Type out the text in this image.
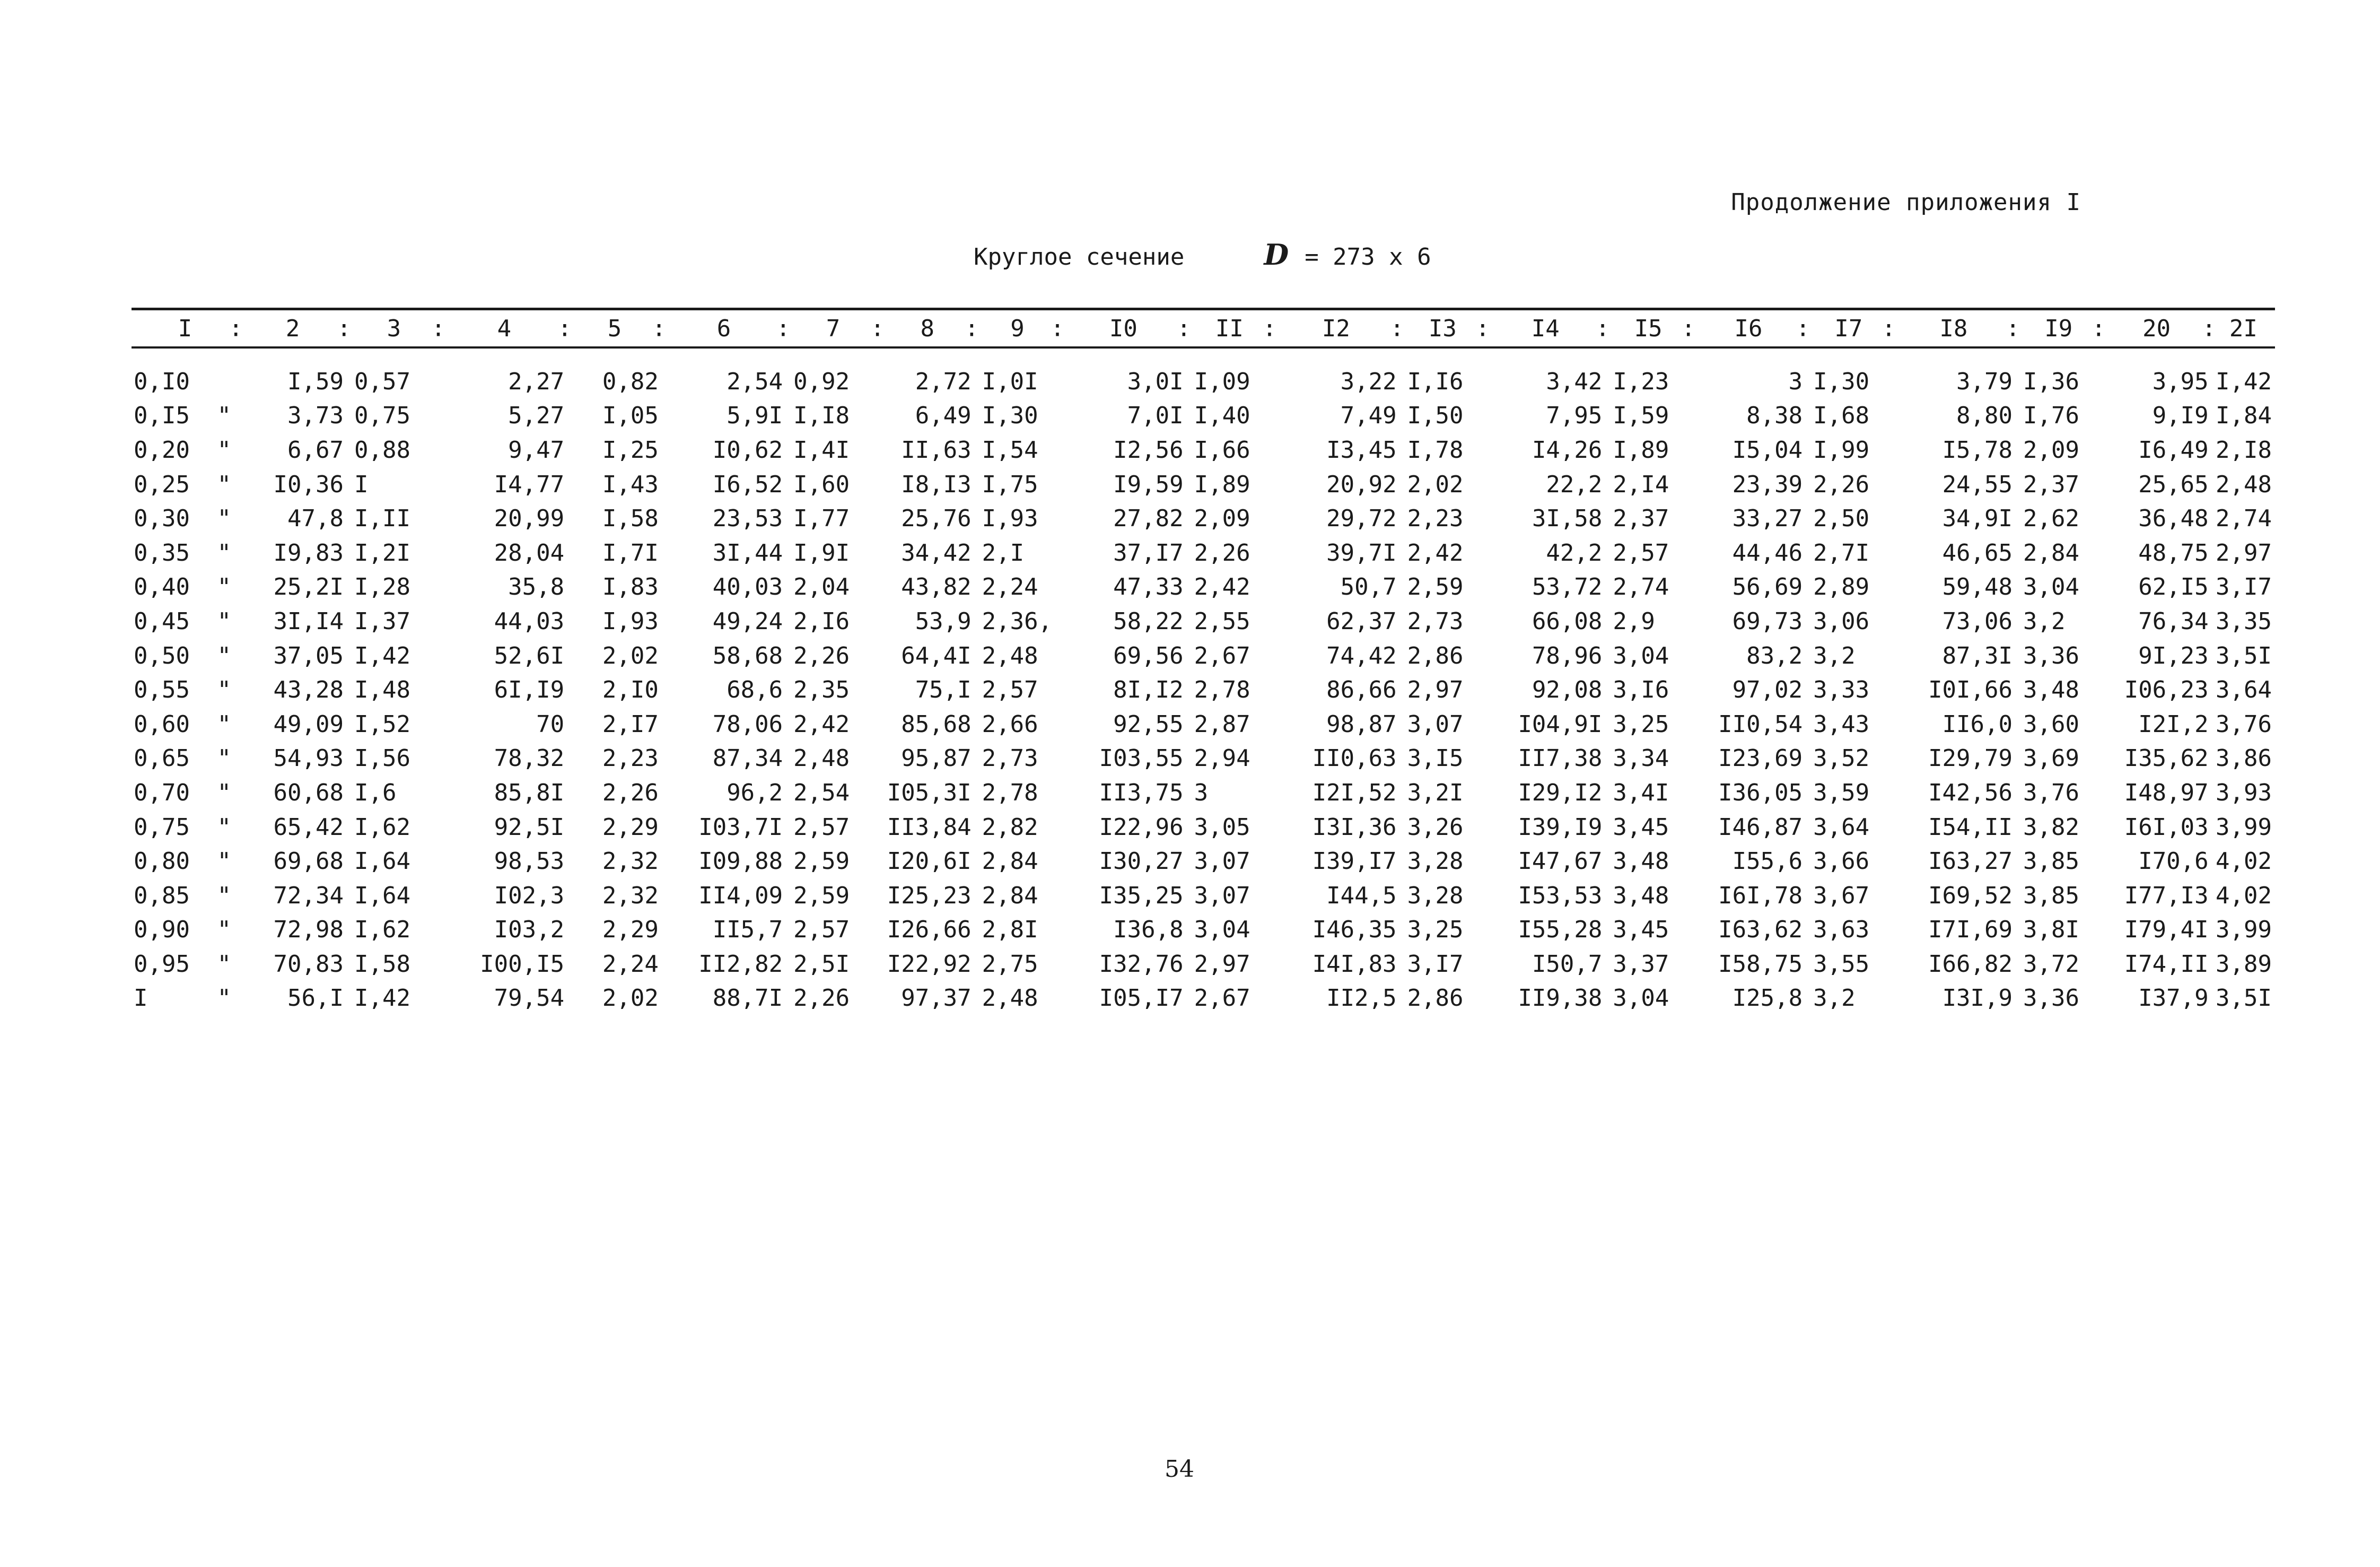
Продолжение приложения I
Круглое сечение	D = 273 х 6
I :		2 :	3 :	4 :	5 :	6 :	7 :	8 :	9 :	I0 :	II :	I2 :	I3 :	I4 :	I5 :	I6 :	I7 :	I8 :	I9 :	20 :	2I

0,I0		I,59	0,57	2,27	0,82	2,54	0,92	2,72	I,0I	3,0I	I,09	3,22	I,I6	3,42	I,23	3	I,30	3,79	I,36	3,95	I,42
0,I5	"	3,73	0,75	5,27	I,05	5,9I	I,I8	6,49	I,30	7,0I	I,40	7,49	I,50	7,95	I,59	8,38	I,68	8,80	I,76	9,I9	I,84
0,20	"	6,67	0,88	9,47	I,25	I0,62	I,4I	II,63	I,54	I2,56	I,66	I3,45	I,78	I4,26	I,89	I5,04	I,99	I5,78	2,09	I6,49	2,I8
0,25	"	I0,36	I	I4,77	I,43	I6,52	I,60	I8,I3	I,75	I9,59	I,89	20,92	2,02	22,2	2,I4	23,39	2,26	24,55	2,37	25,65	2,48
0,30	"	47,8	I,II	20,99	I,58	23,53	I,77	25,76	I,93	27,82	2,09	29,72	2,23	3I,58	2,37	33,27	2,50	34,9I	2,62	36,48	2,74
0,35	"	I9,83	I,2I	28,04	I,7I	3I,44	I,9I	34,42	2,I	37,I7	2,26	39,7I	2,42	42,2	2,57	44,46	2,7I	46,65	2,84	48,75	2,97
0,40	"	25,2I	I,28	35,8	I,83	40,03	2,04	43,82	2,24	47,33	2,42	50,7	2,59	53,72	2,74	56,69	2,89	59,48	3,04	62,I5	3,I7
0,45	"	3I,I4	I,37	44,03	I,93	49,24	2,I6	53,9	2,36,	58,22	2,55	62,37	2,73	66,08	2,9	69,73	3,06	73,06	3,2	76,34	3,35
0,50	"	37,05	I,42	52,6I	2,02	58,68	2,26	64,4I	2,48	69,56	2,67	74,42	2,86	78,96	3,04	83,2	3,2	87,3I	3,36	9I,23	3,5I
0,55	"	43,28	I,48	6I,I9	2,I0	68,6	2,35	75,I	2,57	8I,I2	2,78	86,66	2,97	92,08	3,I6	97,02	3,33	I0I,66	3,48	I06,23	3,64
0,60	"	49,09	I,52	70	2,I7	78,06	2,42	85,68	2,66	92,55	2,87	98,87	3,07	I04,9I	3,25	II0,54	3,43	II6,0	3,60	I2I,2	3,76
0,65	"	54,93	I,56	78,32	2,23	87,34	2,48	95,87	2,73	I03,55	2,94	II0,63	3,I5	II7,38	3,34	I23,69	3,52	I29,79	3,69	I35,62	3,86
0,70	"	60,68	I,6	85,8I	2,26	96,2	2,54	I05,3I	2,78	II3,75	3	I2I,52	3,2I	I29,I2	3,4I	I36,05	3,59	I42,56	3,76	I48,97	3,93
0,75	"	65,42	I,62	92,5I	2,29	I03,7I	2,57	II3,84	2,82	I22,96	3,05	I3I,36	3,26	I39,I9	3,45	I46,87	3,64	I54,II	3,82	I6I,03	3,99
0,80	"	69,68	I,64	98,53	2,32	I09,88	2,59	I20,6I	2,84	I30,27	3,07	I39,I7	3,28	I47,67	3,48	I55,6	3,66	I63,27	3,85	I70,6	4,02
0,85	"	72,34	I,64	I02,3	2,32	II4,09	2,59	I25,23	2,84	I35,25	3,07	I44,5	3,28	I53,53	3,48	I6I,78	3,67	I69,52	3,85	I77,I3	4,02
0,90	"	72,98	I,62	I03,2	2,29	II5,7	2,57	I26,66	2,8I	I36,8	3,04	I46,35	3,25	I55,28	3,45	I63,62	3,63	I7I,69	3,8I	I79,4I	3,99
0,95	"	70,83	I,58	I00,I5	2,24	II2,82	2,5I	I22,92	2,75	I32,76	2,97	I4I,83	3,I7	I50,7	3,37	I58,75	3,55	I66,82	3,72	I74,II	3,89
I	"	56,I	I,42	79,54	2,02	88,7I	2,26	97,37	2,48	I05,I7	2,67	II2,5	2,86	II9,38	3,04	I25,8	3,2	I3I,9	3,36	I37,9	3,5I
54
